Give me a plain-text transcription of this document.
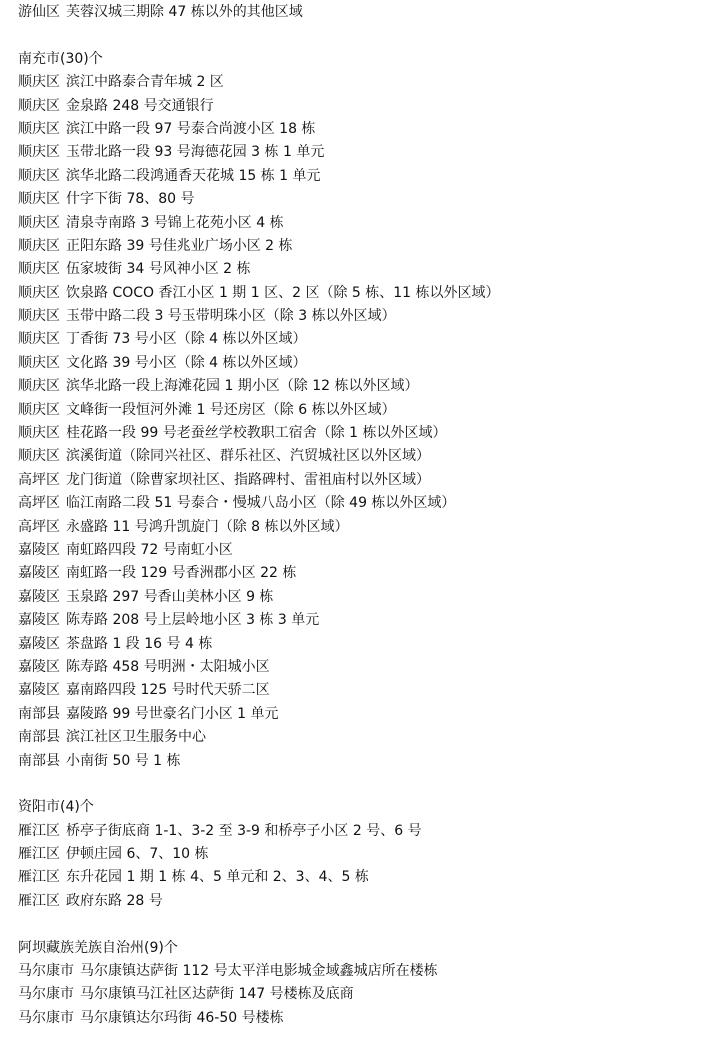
游仙区 芙蓉汉城三期除 47 栋以外的其他区域
南充市(30)个
顺庆区 滨江中路泰合青年城 2 区
顺庆区 金泉路 248 号交通银行
顺庆区 滨江中路一段 97 号泰合尚渡小区 18 栋
顺庆区 玉带北路一段 93 号海德花园 3 栋 1 单元
顺庆区 滨华北路二段鸿通香天花城 15 栋 1 单元
顺庆区 什字下街 78、80 号
顺庆区 清泉寺南路 3 号锦上花苑小区 4 栋
顺庆区 正阳东路 39 号佳兆业广场小区 2 栋
顺庆区 伍家坡街 34 号风神小区 2 栋
顺庆区 饮泉路 COCO 香江小区 1 期 1 区、2 区（除 5 栋、11 栋以外区域）
顺庆区 玉带中路二段 3 号玉带明珠小区（除 3 栋以外区域）
顺庆区 丁香街 73 号小区（除 4 栋以外区域）
顺庆区 文化路 39 号小区（除 4 栋以外区域）
顺庆区 滨华北路一段上海滩花园 1 期小区（除 12 栋以外区域）
顺庆区 文峰街一段恒河外滩 1 号还房区（除 6 栋以外区域）
顺庆区 桂花路一段 99 号老蚕丝学校教职工宿舍（除 1 栋以外区域）
顺庆区 滨溪街道（除同兴社区、群乐社区、汽贸城社区以外区域）
高坪区 龙门街道（除曹家坝社区、指路碑村、雷祖庙村以外区域）
高坪区 临江南路二段 51 号泰合・慢城八岛小区（除 49 栋以外区域）
高坪区 永盛路 11 号鸿升凯旋门（除 8 栋以外区域）
嘉陵区 南虹路四段 72 号南虹小区
嘉陵区 南虹路一段 129 号香洲郡小区 22 栋
嘉陵区 玉泉路 297 号香山美林小区 9 栋
嘉陵区 陈寿路 208 号上层岭地小区 3 栋 3 单元
嘉陵区 茶盘路 1 段 16 号 4 栋
嘉陵区 陈寿路 458 号明洲・太阳城小区
嘉陵区 嘉南路四段 125 号时代天骄二区
南部县 嘉陵路 99 号世豪名门小区 1 单元
南部县 滨江社区卫生服务中心
南部县 小南街 50 号 1 栋
资阳市(4)个
雁江区 桥亭子街底商 1-1、3-2 至 3-9 和桥亭子小区 2 号、6 号
雁江区 伊顿庄园 6、7、10 栋
雁江区 东升花园 1 期 1 栋 4、5 单元和 2、3、4、5 栋
雁江区 政府东路 28 号
阿坝藏族羌族自治州(9)个
马尔康市 马尔康镇达萨街 112 号太平洋电影城金域鑫城店所在楼栋
马尔康市 马尔康镇马江社区达萨街 147 号楼栋及底商
马尔康市 马尔康镇达尔玛街 46-50 号楼栋
